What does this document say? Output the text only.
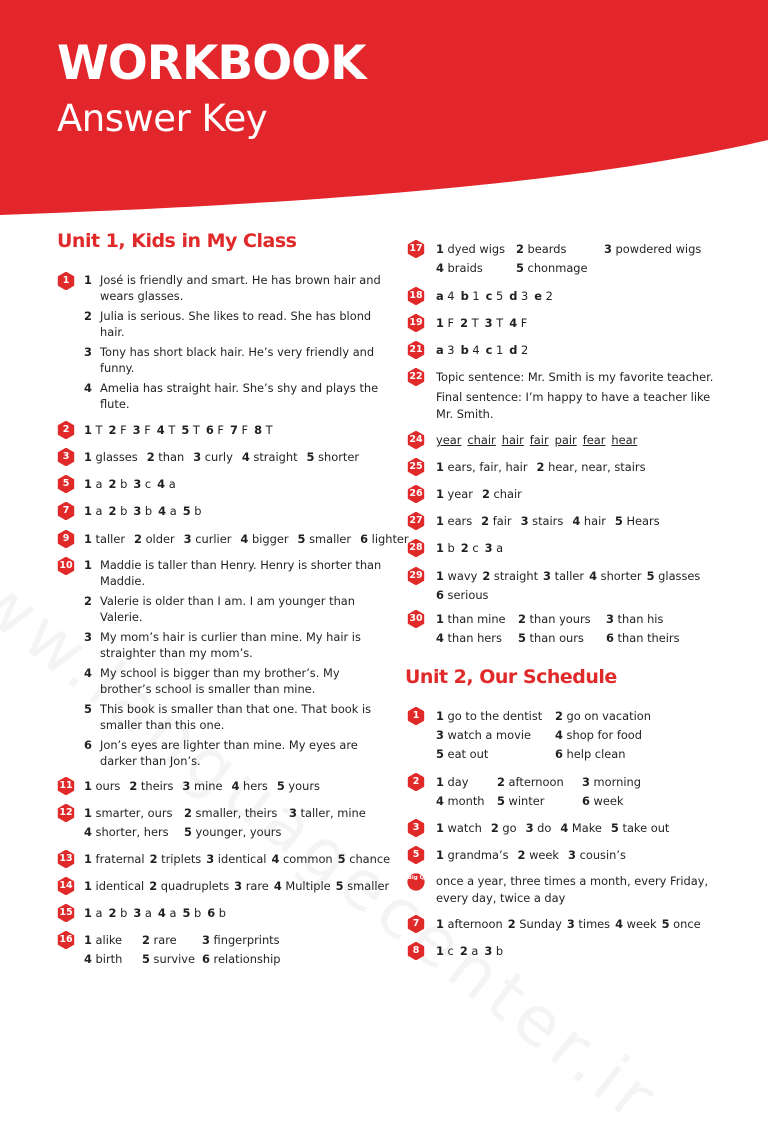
WORKBOOK
Answer Key
Unit 1, Kids in My Class
1	1 José is friendly and smart. He has brown hair and wears glasses.
2 Julia is serious. She likes to read. She has blond hair.
3 Tony has short black hair. He’s very friendly and funny.
4 Amelia has straight hair. She’s shy and plays the flute.
2	1 T 2 F 3 F 4 T 5 T 6 F 7 F 8 T
3	1 glasses 2 than 3 curly 4 straight 5 shorter
5	1 a 2 b 3 c 4 a
7	1 a 2 b 3 b 4 a 5 b
9	1 taller 2 older 3 curlier 4 bigger 5 smaller 6 lighter
10 1 Maddie is taller than Henry. Henry is shorter than Maddie.
2 Valerie is older than I am. I am younger than Valerie.
3 My mom’s hair is curlier than mine. My hair is straighter than my mom’s.
4 My school is bigger than my brother’s. My brother’s school is smaller than mine.
5 This book is smaller than that one. That book is smaller than this one.
6 Jon’s eyes are lighter than mine. My eyes are darker than Jon’s.
11 1 ours 2 theirs 3 mine 4 hers 5 yours
12 1 smarter, ours 2 smaller, theirs 3 taller, mine
4 shorter, hers 5 younger, yours
13 1 fraternal 2 triplets 3 identical 4 common 5 chance
14 1 identical 2 quadruplets 3 rare 4 Multiple 5 smaller
15 1 a 2 b 3 a 4 a 5 b 6 b
16 1 alike 2 rare 3 fingerprints
4 birth 5 survive 6 relationship
17 1 dyed wigs 2 beards	3 powdered wigs
4 braids	5 chonmage
18	a 4 b 1 c 5 d 3 e 2
19	1 F 2 T 3 T 4 F
21	a 3 b 4 c 1 d 2
22 Topic sentence: Mr. Smith is my favorite teacher.
Final sentence: I’m happy to have a teacher like Mr. Smith.
24	year chair hair fair pair fear hear
25	1 ears, fair, hair 2 hear, near, stairs
26	1 year 2 chair
27	1 ears 2 fair 3 stairs 4 hair 5 Hears
28	1 b 2 c 3 a
29 1 wavy 2 straight 3 taller 4 shorter 5 glasses
6 serious
30 1 than mine 2 than yours 3 than his
4 than hers 5 than ours 6 than theirs
Unit 2, Our Schedule
1	1 go to the dentist 2 go on vacation
3 watch a movie 4 shop for food
5 eat out	6 help clean
2	1 day 2 afternoon 3 morning
4 month 5 winter	6 week
3	1 watch 2 go 3 do 4 Make 5 take out
5	1 grandma’s 2 week 3 cousin’s
Big Q	once a year, three times a month, every Friday, every day, twice a day
7	1 afternoon 2 Sunday 3 times 4 week 5 once
8	1 c 2 a 3 b
